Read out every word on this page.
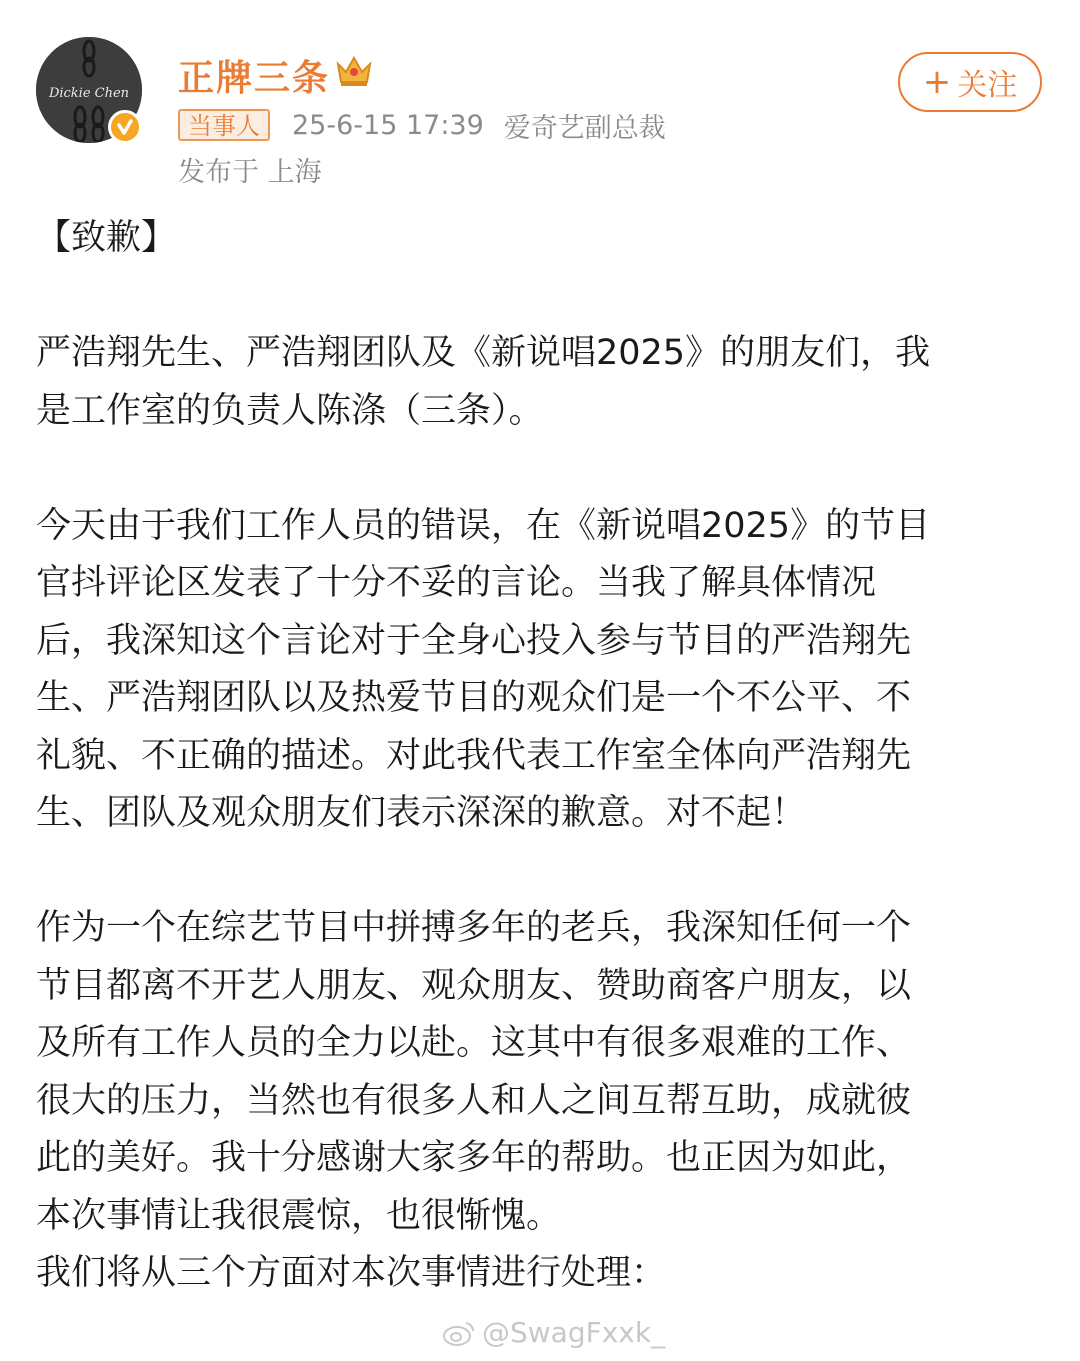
Dickie Chen 正牌三条	+ 关注
当事人	25-6-15 17:39 爱奇艺副总裁
发布于 上海

【致歉】

严浩翔先生、严浩翔团队及《新说唱2025》的朋友们，我

是工作室的负责人陈涤（三条）。

今天由于我们工作人员的错误，在《新说唱2025》的节目

官抖评论区发表了十分不妥的言论。当我了解具体情况

后，我深知这个言论对于全身心投入参与节目的严浩翔先

生、严浩翔团队以及热爱节目的观众们是一个不公平、不

礼貌、不正确的描述。对此我代表工作室全体向严浩翔先

生、团队及观众朋友们表示深深的歉意。对不起！

作为一个在综艺节目中拼搏多年的老兵，我深知任何一个

节目都离不开艺人朋友、观众朋友、赞助商客户朋友，以

及所有工作人员的全力以赴。这其中有很多艰难的工作、

很大的压力，当然也有很多人和人之间互帮互助，成就彼

此的美好。我十分感谢大家多年的帮助。也正因为如此，

本次事情让我很震惊，也很惭愧。

我们将从三个方面对本次事情进行处理：

@SwagFxxk_
